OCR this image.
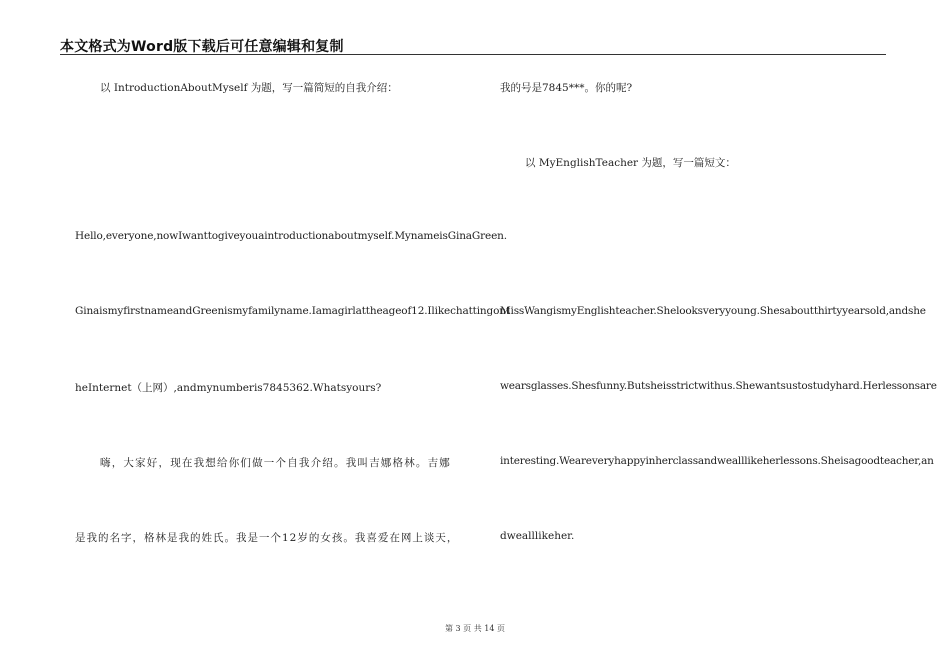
本文格式为Word版下载后可任意编辑和复制
以 IntroductionAboutMyself 为题，写一篇简短的自我介绍：
Hello,everyone,nowIwanttogiveyouaintroductionaboutmyself.MynameisGinaGreen.
GinaismyfirstnameandGreenismyfamilyname.Iamagirlattheageof12.Ilikechattingont
heInternet（上网）,andmynumberis7845362.Whatsyours?
嗨，大家好，现在我想给你们做一个自我介绍。我叫吉娜格林。吉娜
是我的名字，格林是我的姓氏。我是一个12岁的女孩。我喜爱在网上谈天，
我的号是7845***。你的呢?
以 MyEnglishTeacher 为题，写一篇短文：
MissWangismyEnglishteacher.Shelooksveryyoung.Shesaboutthirtyyearsold,andshe
wearsglasses.Shesfunny.Butsheisstrictwithus.Shewantsustostudyhard.Herlessonsare
interesting.Weareveryhappyinherclassandwealllikeherlessons.Sheisagoodteacher,an
dwealllikeher.
第 3 页 共 14 页
